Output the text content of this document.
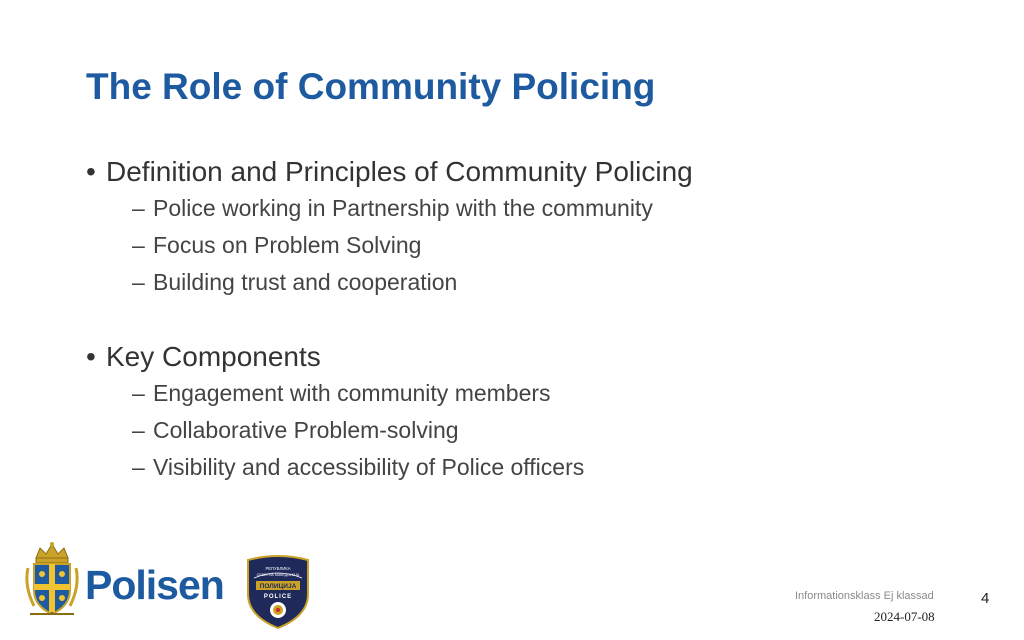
The Role of Community Policing
• Definition and Principles of Community Policing
– Police working in Partnership with the community
– Focus on Problem Solving
– Building trust and cooperation
• Key Components
– Engagement with community members
– Collaborative Problem-solving
– Visibility and accessibility of Police officers
Polisen	РЕПУБЛИКА
СЕВЕРНА МАКЕДОНИЈА
ПОЛИЦИЈА
POLICE	Informationsklass Ej klassad	4
2024-07-08
